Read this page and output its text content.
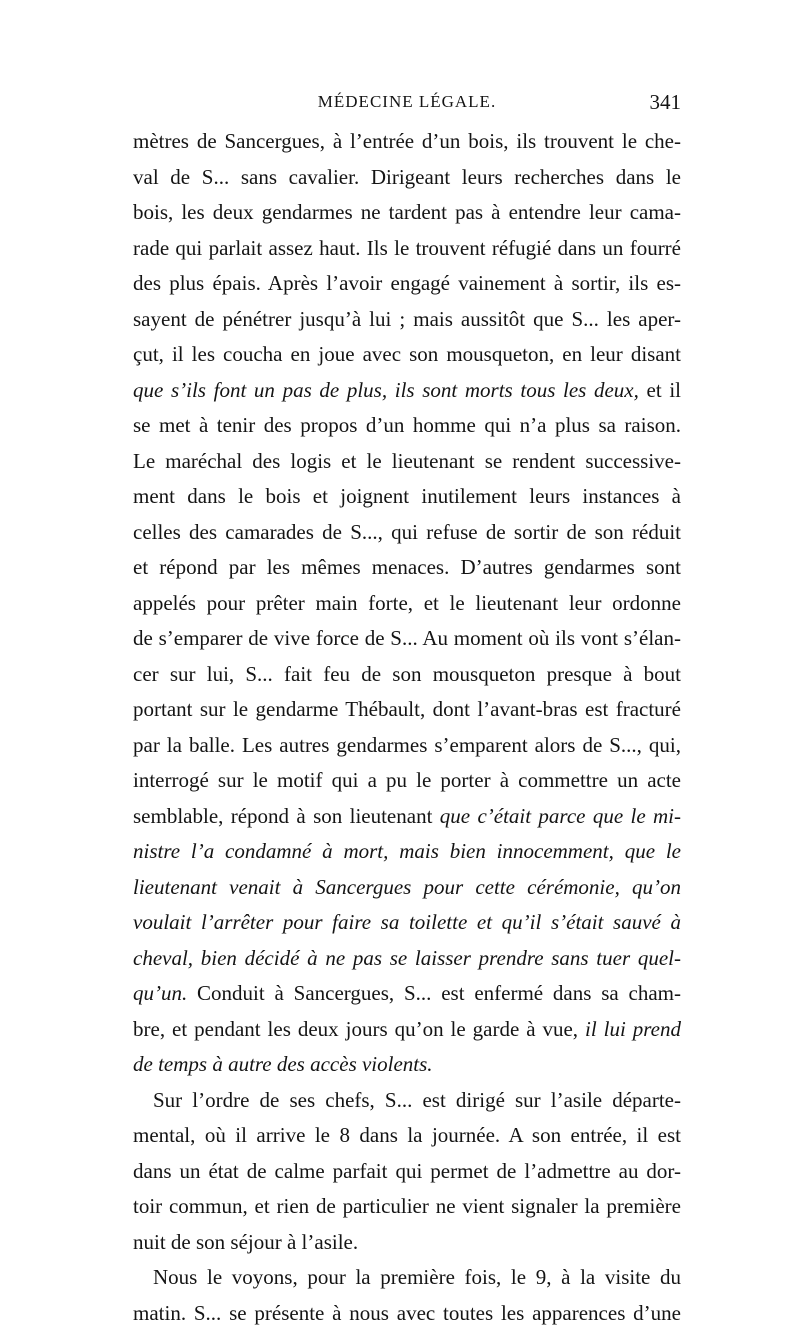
MÉDECINE LÉGALE.	341
mètres de Sancergues, à l’entrée d’un bois, ils trouvent le che-
val de S... sans cavalier. Dirigeant leurs recherches dans le
bois, les deux gendarmes ne tardent pas à entendre leur cama-
rade qui parlait assez haut. Ils le trouvent réfugié dans un fourré
des plus épais. Après l’avoir engagé vainement à sortir, ils es-
sayent de pénétrer jusqu’à lui ; mais aussitôt que S... les aper-
çut, il les coucha en joue avec son mousqueton, en leur disant
que s’ils font un pas de plus, ils sont morts tous les deux, et il
se met à tenir des propos d’un homme qui n’a plus sa raison.
Le maréchal des logis et le lieutenant se rendent successive-
ment dans le bois et joignent inutilement leurs instances à
celles des camarades de S..., qui refuse de sortir de son réduit
et répond par les mêmes menaces. D’autres gendarmes sont
appelés pour prêter main forte, et le lieutenant leur ordonne
de s’emparer de vive force de S... Au moment où ils vont s’élan-
cer sur lui, S... fait feu de son mousqueton presque à bout
portant sur le gendarme Thébault, dont l’avant-bras est fracturé
par la balle. Les autres gendarmes s’emparent alors de S..., qui,
interrogé sur le motif qui a pu le porter à commettre un acte
semblable, répond à son lieutenant que c’était parce que le mi-
nistre l’a condamné à mort, mais bien innocemment, que le
lieutenant venait à Sancergues pour cette cérémonie, qu’on
voulait l’arrêter pour faire sa toilette et qu’il s’était sauvé à
cheval, bien décidé à ne pas se laisser prendre sans tuer quel-
qu’un. Conduit à Sancergues, S... est enfermé dans sa cham-
bre, et pendant les deux jours qu’on le garde à vue, il lui prend
de temps à autre des accès violents.
Sur l’ordre de ses chefs, S... est dirigé sur l’asile départe-
mental, où il arrive le 8 dans la journée. A son entrée, il est
dans un état de calme parfait qui permet de l’admettre au dor-
toir commun, et rien de particulier ne vient signaler la première
nuit de son séjour à l’asile.
Nous le voyons, pour la première fois, le 9, à la visite du
matin. S... se présente à nous avec toutes les apparences d’une
